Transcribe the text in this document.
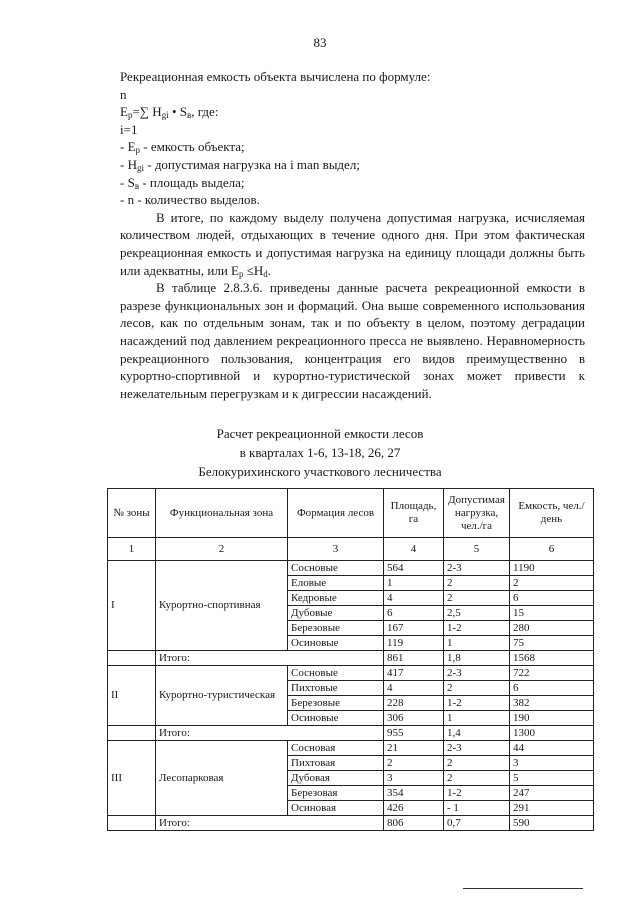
83

Рекреационная емкость объекта вычислена по формуле:

n

$E_p=\sum$ $H_{gi}$ • $S_в$, где:

i=1

- $E_p$ - емкость объекта;

- $H_{gi}$ - допустимая нагрузка на i man выдел;

- $S_в$ - площадь выдела;

- n - количество выделов.

В итоге, по каждому выделу получена допустимая нагрузка, исчисляемая количеством людей, отдыхающих в течение одного дня. При этом фактическая рекреационная емкость и допустимая нагрузка на единицу площади должны быть или адекватны, или $E_p \le H_d$.

В таблице 2.8.3.6. приведены данные расчета рекреационной емкости в разрезе функциональных зон и формаций. Она выше современного использования лесов, как по отдельным зонам, так и по объекту в целом, поэтому деградации насаждений под давлением рекреационного пресса не выявлено. Неравномерность рекреационного пользования, концентрация его видов преимущественно в курортно-спортивной и курортно-туристической зонах может привести к нежелательным перегрузкам и к дигрессии насаждений.

Расчет рекреационной емкости лесов
в кварталах 1-6, 13-18, 26, 27
Белокурихинского участкового лесничества
№ зоны	Функциональная зона	Формация лесов	Площадь, га	Допустимая нагрузка, чел./га	Емкость, чел./день
1	2	3	4	5	6
I	Курортно-спортивная	Сосновые	564	2-3	1190
		Еловые	1	2	2
		Кедровые	4	2	6
		Дубовые	6	2,5	15
		Березовые	167	1-2	280
		Осиновые	119	1	75
	Итого:		861	1,8	1568
II	Курортно-туристическая	Сосновые	417	2-3	722
		Пихтовые	4	2	6
		Березовые	228	1-2	382
		Осиновые	306	1	190
	Итого:		955	1,4	1300
III	Лесопарковая	Сосновая	21	2-3	44
		Пихтовая	2	2	3
		Дубовая	3	2	5
		Березовая	354	1-2	247
		Осиновая	426	- 1	291
	Итого:		806	0,7	590
